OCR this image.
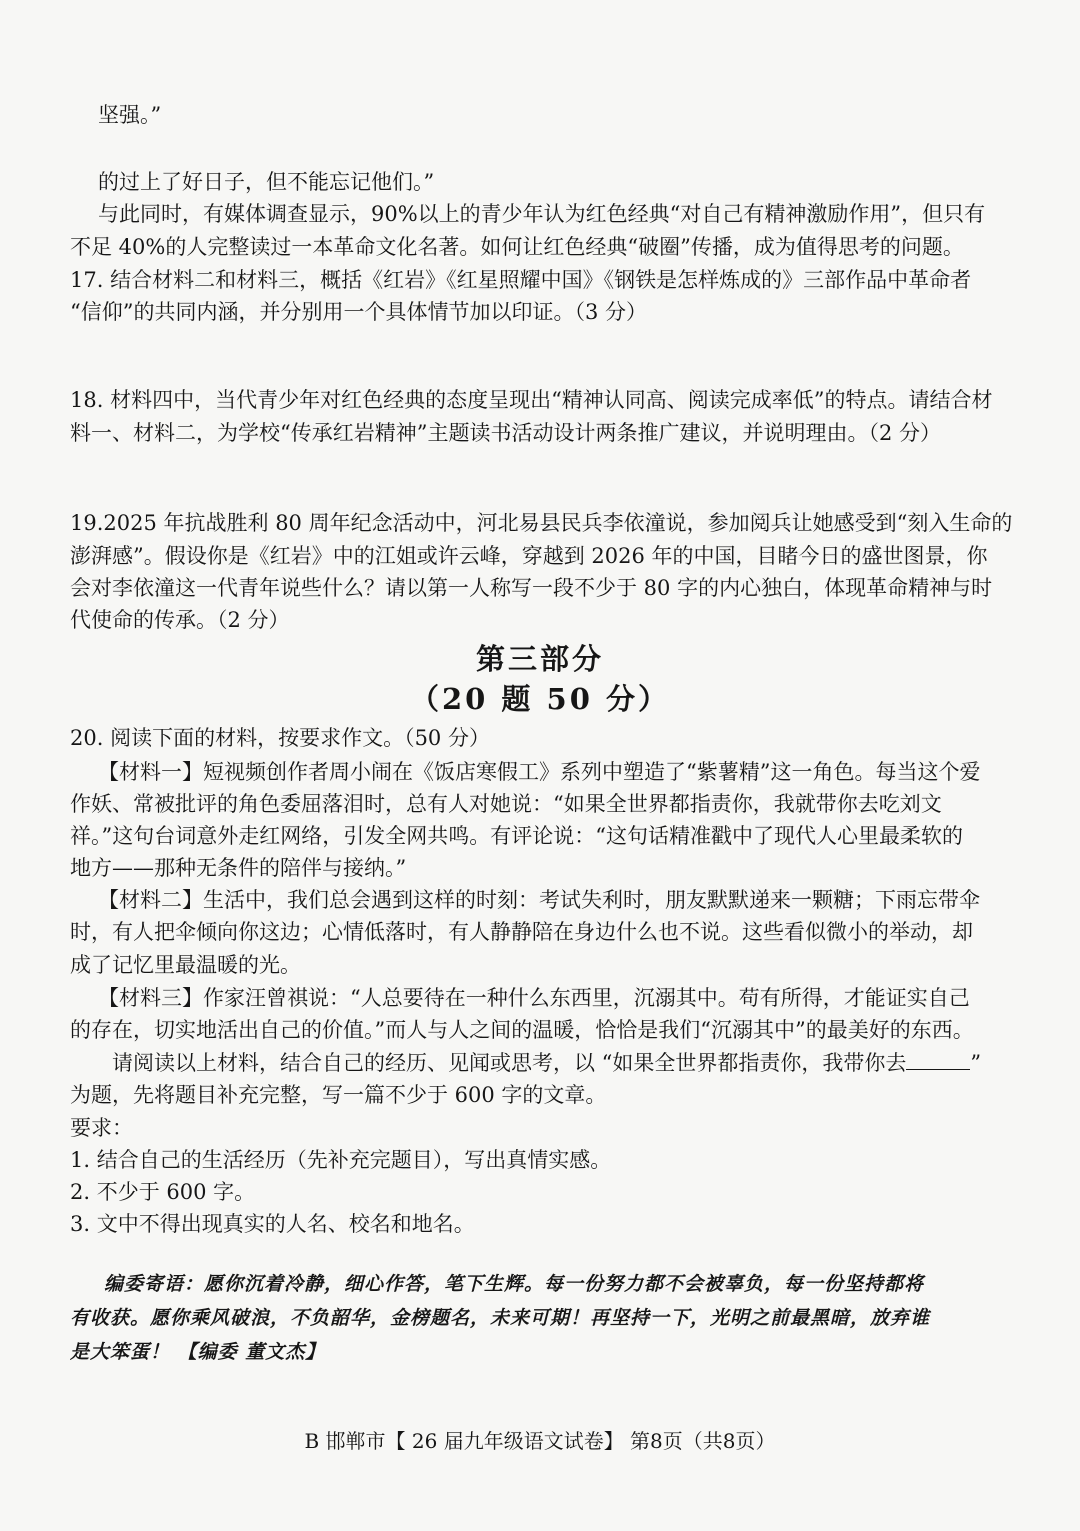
坚强。”
的过上了好日子，但不能忘记他们。”
与此同时，有媒体调查显示，90%以上的青少年认为红色经典“对自己有精神激励作用”，但只有
不足 40%的人完整读过一本革命文化名著。如何让红色经典“破圈”传播，成为值得思考的问题。
17. 结合材料二和材料三，概括《红岩》《红星照耀中国》《钢铁是怎样炼成的》三部作品中革命者
“信仰”的共同内涵，并分别用一个具体情节加以印证。（3 分）
18. 材料四中，当代青少年对红色经典的态度呈现出“精神认同高、阅读完成率低”的特点。请结合材
料一、材料二，为学校“传承红岩精神”主题读书活动设计两条推广建议，并说明理由。（2 分）
19.2025 年抗战胜利 80 周年纪念活动中，河北易县民兵李依潼说，参加阅兵让她感受到“刻入生命的
澎湃感”。假设你是《红岩》中的江姐或许云峰，穿越到 2026 年的中国，目睹今日的盛世图景，你
会对李依潼这一代青年说些什么？请以第一人称写一段不少于 80 字的内心独白，体现革命精神与时
代使命的传承。（2 分）
第三部分
（20 题 50 分）
20. 阅读下面的材料，按要求作文。（50 分）
【材料一】短视频创作者周小闹在《饭店寒假工》系列中塑造了“紫薯精”这一角色。每当这个爱
作妖、常被批评的角色委屈落泪时，总有人对她说：“如果全世界都指责你，我就带你去吃刘文
祥。”这句台词意外走红网络，引发全网共鸣。有评论说：“这句话精准戳中了现代人心里最柔软的
地方——那种无条件的陪伴与接纳。”
【材料二】生活中，我们总会遇到这样的时刻：考试失利时，朋友默默递来一颗糖；下雨忘带伞
时，有人把伞倾向你这边；心情低落时，有人静静陪在身边什么也不说。这些看似微小的举动，却
成了记忆里最温暖的光。
【材料三】作家汪曾祺说：“人总要待在一种什么东西里，沉溺其中。苟有所得，才能证实自己
的存在，切实地活出自己的价值。”而人与人之间的温暖，恰恰是我们“沉溺其中”的最美好的东西。
请阅读以上材料，结合自己的经历、见闻或思考，以 “如果全世界都指责你，我带你去	”
为题，先将题目补充完整，写一篇不少于 600 字的文章。
要求：
1. 结合自己的生活经历（先补充完题目），写出真情实感。
2. 不少于 600 字。
3. 文中不得出现真实的人名、校名和地名。
编委寄语：愿你沉着冷静，细心作答，笔下生辉。每一份努力都不会被辜负，每一份坚持都将
有收获。愿你乘风破浪，不负韶华，金榜题名，未来可期！再坚持一下，光明之前最黑暗，放弃谁
是大笨蛋！ 【编委 董文杰】
B 邯郸市【 26 届九年级语文试卷】 第8页（共8页）
